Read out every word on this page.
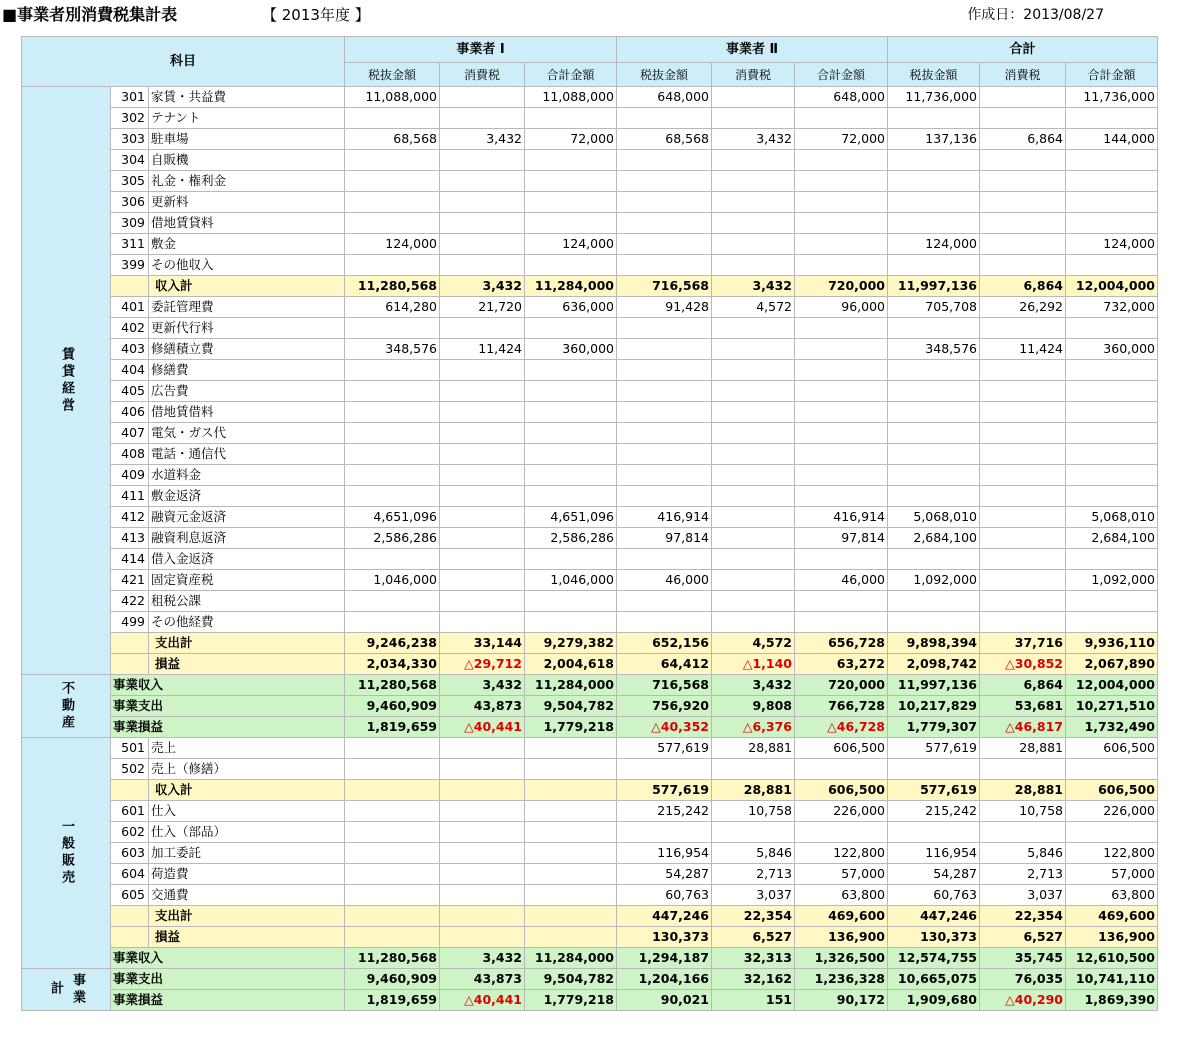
■事業者別消費税集計表	【 2013年度 】	作成日：2013/08/27
科目			事業者 Ⅰ			事業者 Ⅱ			合計		
			税抜金額	消費税	合計金額	税抜金額	消費税	合計金額	税抜金額	消費税	合計金額
賃貸経営	301	家賃・共益費	11,088,000		11,088,000	648,000		648,000	11,736,000		11,736,000
	302	テナント									
	303	駐車場	68,568	3,432	72,000	68,568	3,432	72,000	137,136	6,864	144,000
	304	自販機									
	305	礼金・権利金									
	306	更新料									
	309	借地賃貸料									
	311	敷金	124,000		124,000				124,000		124,000
	399	その他収入									
		収入計	11,280,568	3,432	11,284,000	716,568	3,432	720,000	11,997,136	6,864	12,004,000
	401	委託管理費	614,280	21,720	636,000	91,428	4,572	96,000	705,708	26,292	732,000
	402	更新代行料									
	403	修繕積立費	348,576	11,424	360,000				348,576	11,424	360,000
	404	修繕費									
	405	広告費									
	406	借地賃借料									
	407	電気・ガス代									
	408	電話・通信代									
	409	水道料金									
	411	敷金返済									
	412	融資元金返済	4,651,096		4,651,096	416,914		416,914	5,068,010		5,068,010
	413	融資利息返済	2,586,286		2,586,286	97,814		97,814	2,684,100		2,684,100
	414	借入金返済									
	421	固定資産税	1,046,000		1,046,000	46,000		46,000	1,092,000		1,092,000
	422	租税公課									
	499	その他経費									
		支出計	9,246,238	33,144	9,279,382	652,156	4,572	656,728	9,898,394	37,716	9,936,110
		損益	2,034,330	△29,712	2,004,618	64,412	△1,140	63,272	2,098,742	△30,852	2,067,890
不動産	事業収入		11,280,568	3,432	11,284,000	716,568	3,432	720,000	11,997,136	6,864	12,004,000
	事業支出		9,460,909	43,873	9,504,782	756,920	9,808	766,728	10,217,829	53,681	10,271,510
	事業損益		1,819,659	△40,441	1,779,218	△40,352	△6,376	△46,728	1,779,307	△46,817	1,732,490
一般販売	501	売上				577,619	28,881	606,500	577,619	28,881	606,500
	502	売上（修繕）									
		収入計				577,619	28,881	606,500	577,619	28,881	606,500
	601	仕入				215,242	10,758	226,000	215,242	10,758	226,000
	602	仕入（部品）									
	603	加工委託				116,954	5,846	122,800	116,954	5,846	122,800
	604	荷造費				54,287	2,713	57,000	54,287	2,713	57,000
	605	交通費				60,763	3,037	63,800	60,763	3,037	63,800
		支出計				447,246	22,354	469,600	447,246	22,354	469,600
		損益				130,373	6,527	136,900	130,373	6,527	136,900
	事業収入		11,280,568	3,432	11,284,000	1,294,187	32,313	1,326,500	12,574,755	35,745	12,610,500
事業計	事業支出		9,460,909	43,873	9,504,782	1,204,166	32,162	1,236,328	10,665,075	76,035	10,741,110
	事業損益		1,819,659	△40,441	1,779,218	90,021	151	90,172	1,909,680	△40,290	1,869,390
